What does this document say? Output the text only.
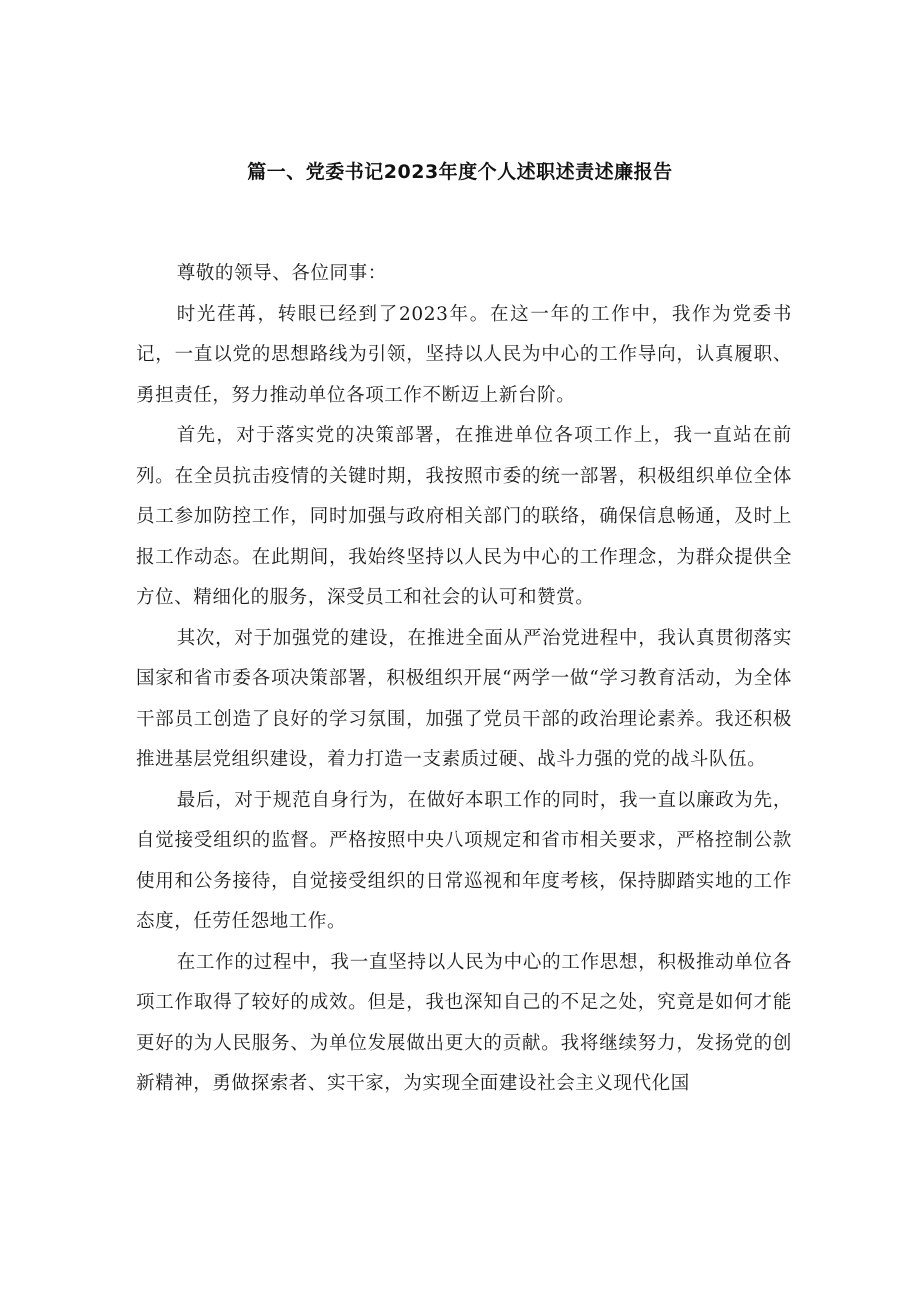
篇一、党委书记2023年度个人述职述责述廉报告

尊敬的领导、各位同事：

时光荏苒，转眼已经到了2023年。在这一年的工作中，我作为党委书记，一直以党的思想路线为引领，坚持以人民为中心的工作导向，认真履职、勇担责任，努力推动单位各项工作不断迈上新台阶。

首先，对于落实党的决策部署，在推进单位各项工作上，我一直站在前列。在全员抗击疫情的关键时期，我按照市委的统一部署，积极组织单位全体员工参加防控工作，同时加强与政府相关部门的联络，确保信息畅通，及时上报工作动态。在此期间，我始终坚持以人民为中心的工作理念，为群众提供全方位、精细化的服务，深受员工和社会的认可和赞赏。

其次，对于加强党的建设，在推进全面从严治党进程中，我认真贯彻落实国家和省市委各项决策部署，积极组织开展“两学一做“学习教育活动，为全体干部员工创造了良好的学习氛围，加强了党员干部的政治理论素养。我还积极推进基层党组织建设，着力打造一支素质过硬、战斗力强的党的战斗队伍。

最后，对于规范自身行为，在做好本职工作的同时，我一直以廉政为先，自觉接受组织的监督。严格按照中央八项规定和省市相关要求，严格控制公款使用和公务接待，自觉接受组织的日常巡视和年度考核，保持脚踏实地的工作态度，任劳任怨地工作。

在工作的过程中，我一直坚持以人民为中心的工作思想，积极推动单位各项工作取得了较好的成效。但是，我也深知自己的不足之处，究竟是如何才能更好的为人民服务、为单位发展做出更大的贡献。我将继续努力，发扬党的创新精神，勇做探索者、实干家，为实现全面建设社会主义现代化国
